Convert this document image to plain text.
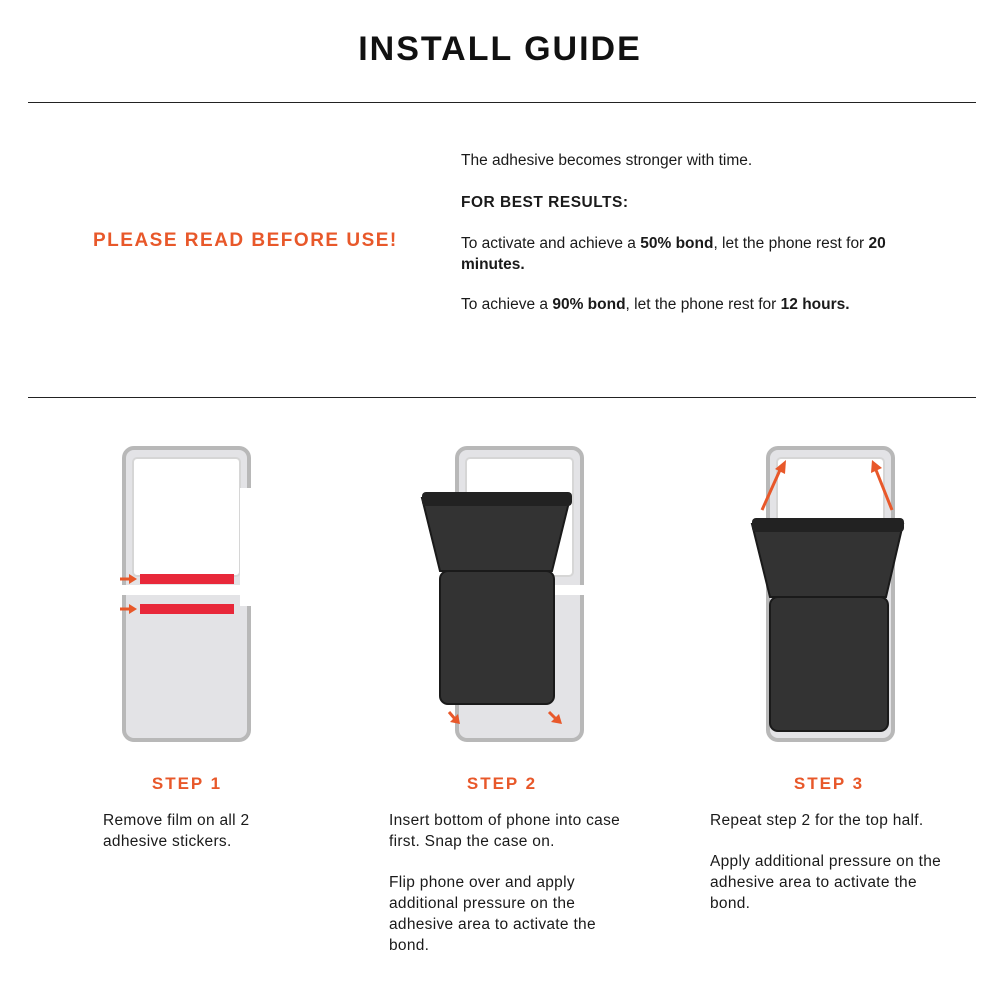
INSTALL GUIDE
PLEASE READ BEFORE USE!
The adhesive becomes stronger with time.
FOR BEST RESULTS:
To activate and achieve a 50% bond, let the phone rest for 20 minutes.
To achieve a 90% bond, let the phone rest for 12 hours.
STEP 1	STEP 2	STEP 3

Remove film on all 2 adhesive stickers.

Insert bottom of phone into case first. Snap the case on.

Flip phone over and apply additional pressure on the adhesive area to activate the bond.

Repeat step 2 for the top half.

Apply additional pressure on the adhesive area to activate the bond.
